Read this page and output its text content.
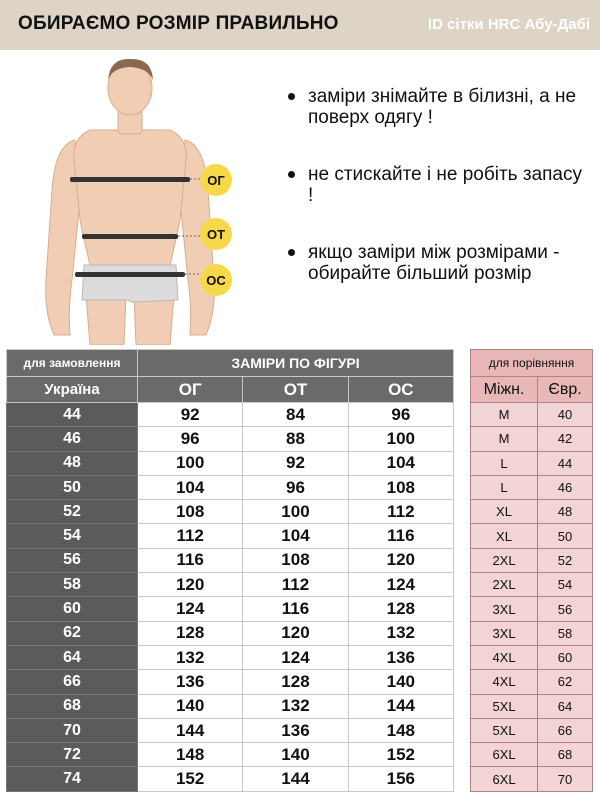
ОБИРАЄМО РОЗМІР ПРАВИЛЬНО	ID сітки HRC Абу-Дабі
ОГ
ОТ
ОС
заміри знімайте в білизні, а не поверх одягу !
не стискайте і не робіть запасу !
якщо заміри між розмірами - обирайте більший розмір
для замовлення	ЗАМІРИ ПО ФІГУРІ		
Україна	ОГ	ОТ	ОС
44	92	84	96
46	96	88	100
48	100	92	104
50	104	96	108
52	108	100	112
54	112	104	116
56	116	108	120
58	120	112	124
60	124	116	128
62	128	120	132
64	132	124	136
66	136	128	140
68	140	132	144
70	144	136	148
72	148	140	152
74	152	144	156
для порівняння	
Міжн.	Євр.
M	40
M	42
L	44
L	46
XL	48
XL	50
2XL	52
2XL	54
3XL	56
3XL	58
4XL	60
4XL	62
5XL	64
5XL	66
6XL	68
6XL	70
